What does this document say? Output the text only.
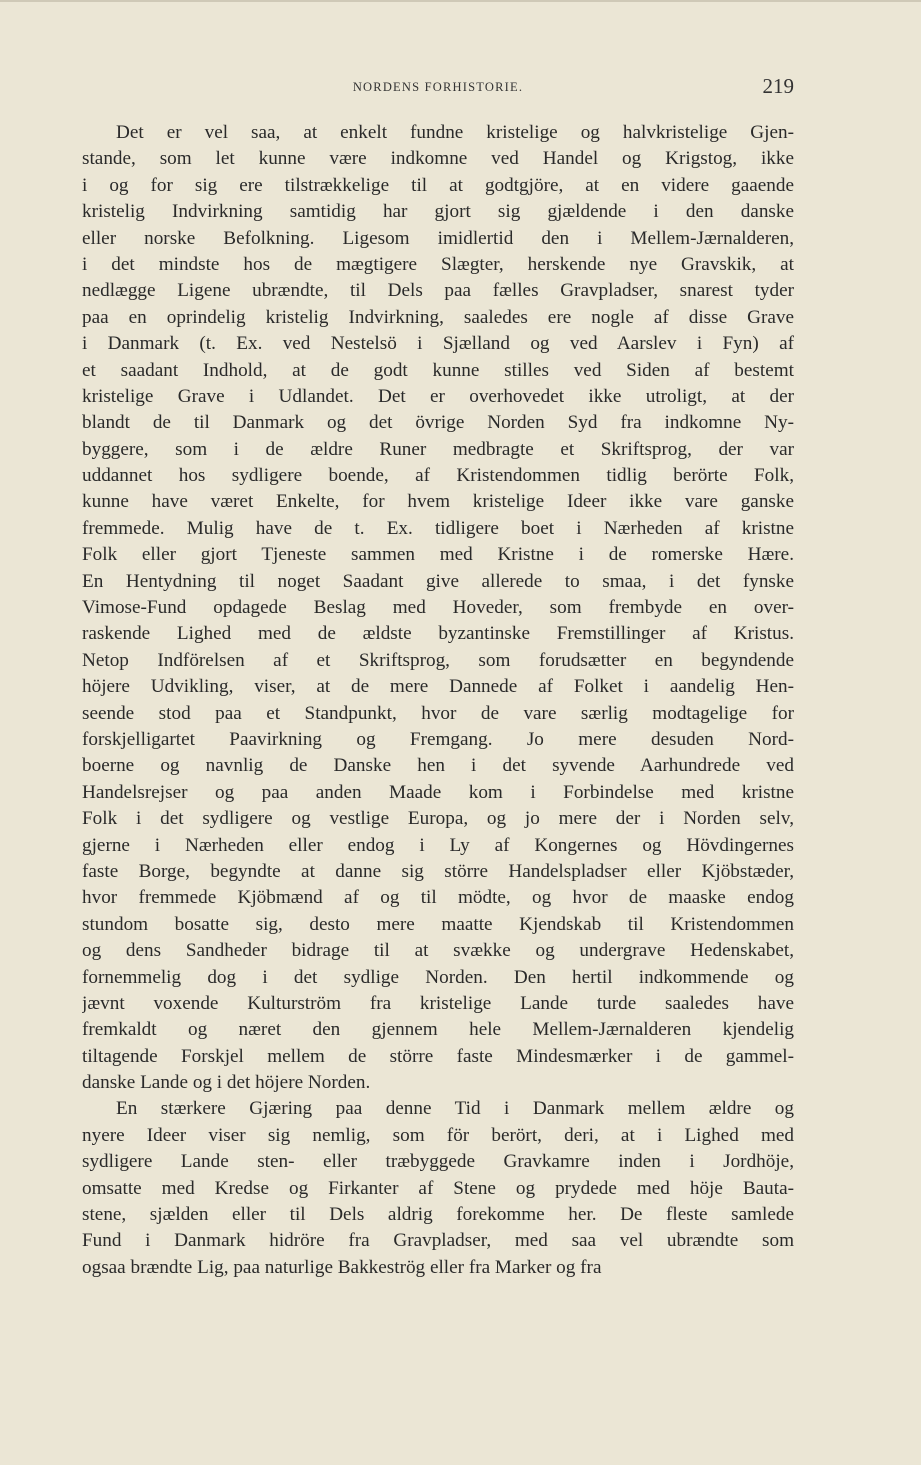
NORDENS FORHISTORIE.	219
Det er vel saa, at enkelt fundne kristelige og halvkristelige Gjen-
stande, som let kunne være indkomne ved Handel og Krigstog, ikke
i og for sig ere tilstrækkelige til at godtgjöre, at en videre gaaende
kristelig Indvirkning samtidig har gjort sig gjældende i den danske
eller norske Befolkning. Ligesom imidlertid den i Mellem-Jærnalderen,
i det mindste hos de mægtigere Slægter, herskende nye Gravskik, at
nedlægge Ligene ubrændte, til Dels paa fælles Gravpladser, snarest tyder
paa en oprindelig kristelig Indvirkning, saaledes ere nogle af disse Grave
i Danmark (t. Ex. ved Nestelsö i Sjælland og ved Aarslev i Fyn) af
et saadant Indhold, at de godt kunne stilles ved Siden af bestemt
kristelige Grave i Udlandet. Det er overhovedet ikke utroligt, at der
blandt de til Danmark og det övrige Norden Syd fra indkomne Ny-
byggere, som i de ældre Runer medbragte et Skriftsprog, der var
uddannet hos sydligere boende, af Kristendommen tidlig berörte Folk,
kunne have været Enkelte, for hvem kristelige Ideer ikke vare ganske
fremmede. Mulig have de t. Ex. tidligere boet i Nærheden af kristne
Folk eller gjort Tjeneste sammen med Kristne i de romerske Hære.
En Hentydning til noget Saadant give allerede to smaa, i det fynske
Vimose-Fund opdagede Beslag med Hoveder, som frembyde en over-
raskende Lighed med de ældste byzantinske Fremstillinger af Kristus.
Netop Indförelsen af et Skriftsprog, som forudsætter en begyndende
höjere Udvikling, viser, at de mere Dannede af Folket i aandelig Hen-
seende stod paa et Standpunkt, hvor de vare særlig modtagelige for
forskjelligartet Paavirkning og Fremgang. Jo mere desuden Nord-
boerne og navnlig de Danske hen i det syvende Aarhundrede ved
Handelsrejser og paa anden Maade kom i Forbindelse med kristne
Folk i det sydligere og vestlige Europa, og jo mere der i Norden selv,
gjerne i Nærheden eller endog i Ly af Kongernes og Hövdingernes
faste Borge, begyndte at danne sig större Handelspladser eller Kjöbstæder,
hvor fremmede Kjöbmænd af og til mödte, og hvor de maaske endog
stundom bosatte sig, desto mere maatte Kjendskab til Kristendommen
og dens Sandheder bidrage til at svække og undergrave Hedenskabet,
fornemmelig dog i det sydlige Norden. Den hertil indkommende og
jævnt voxende Kulturström fra kristelige Lande turde saaledes have
fremkaldt og næret den gjennem hele Mellem-Jærnalderen kjendelig
tiltagende Forskjel mellem de större faste Mindesmærker i de gammel-
danske Lande og i det höjere Norden.
En stærkere Gjæring paa denne Tid i Danmark mellem ældre og
nyere Ideer viser sig nemlig, som för berört, deri, at i Lighed med
sydligere Lande sten- eller træbyggede Gravkamre inden i Jordhöje,
omsatte med Kredse og Firkanter af Stene og prydede med höje Bauta-
stene, sjælden eller til Dels aldrig forekomme her. De fleste samlede
Fund i Danmark hidröre fra Gravpladser, med saa vel ubrændte som
ogsaa brændte Lig, paa naturlige Bakkeströg eller fra Marker og fra
